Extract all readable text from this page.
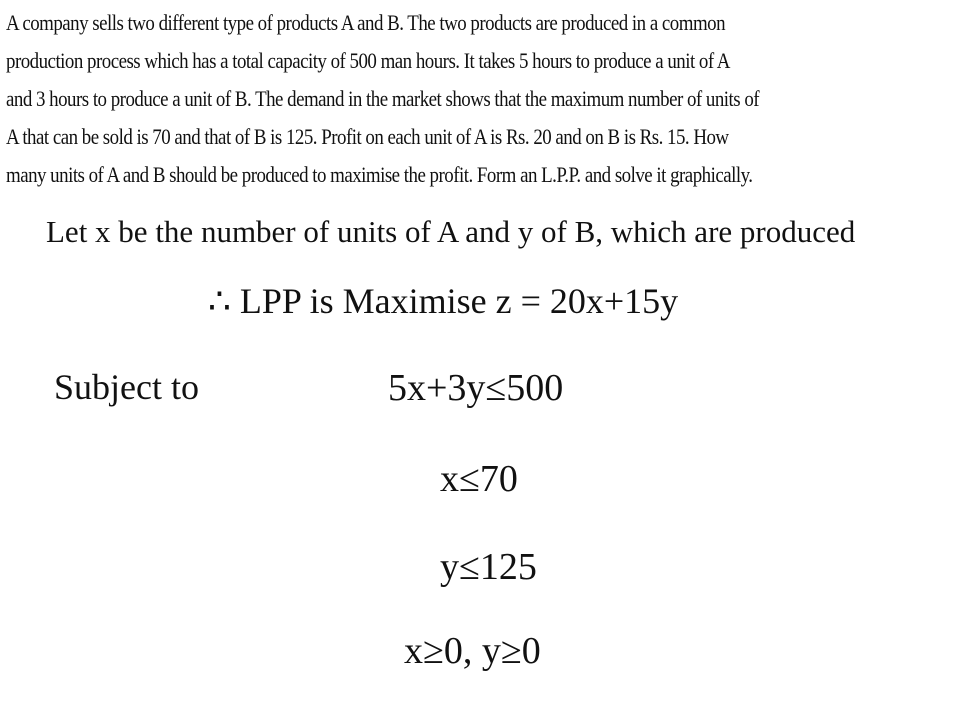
A company sells two different type of products A and B. The two products are produced in a common
production process which has a total capacity of 500 man hours. It takes 5 hours to produce a unit of A
and 3 hours to produce a unit of B. The demand in the market shows that the maximum number of units of
A that can be sold is 70 and that of B is 125. Profit on each unit of A is Rs. 20 and on B is Rs. 15. How
many units of A and B should be produced to maximise the profit. Form an L.P.P. and solve it graphically.
Let x be the number of units of A and y of B, which are produced
∴ LPP is Maximise z = 20x+15y
Subject to	5x+3y≤500
x≤70
y≤125
x≥0, y≥0
